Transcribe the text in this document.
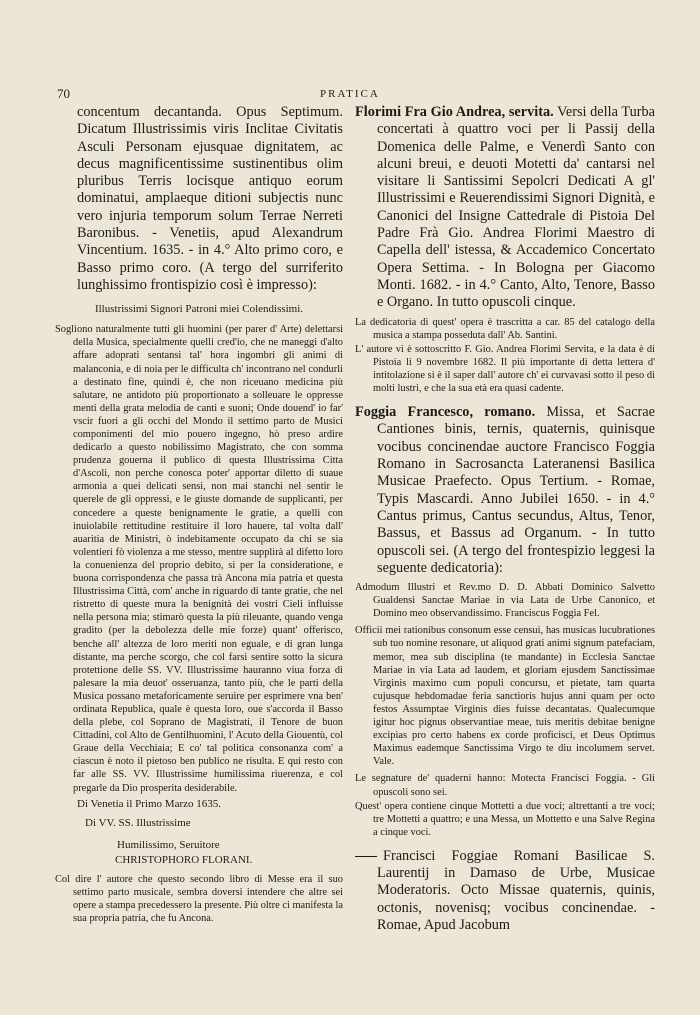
70	PRATICA

concentum decantanda. Opus Septimum. Dicatum Illustrissimis viris Inclitae Civitatis Asculi Personam ejusquae dignitatem, ac decus magnificentissime sustinentibus olim pluribus Terris locisque antiquo eorum dominatui, amplaeque ditioni subjectis nunc vero injuria temporum solum Terrae Nerreti Baronibus. - Venetiis, apud Alexandrum Vincentium. 1635. - in 4.° Alto primo coro, e Basso primo coro. (A tergo del surriferito lunghissimo frontispizio così è impresso):

Illustrissimi Signori Patroni miei Colendissimi.

Sogliono naturalmente tutti gli huomini (per parer d' Arte) delettarsi della Musica, specialmente quelli cred'io, che ne maneggi d'alto affare adoprati sentansi tal' hora ingombri gli animi di malanconia, e di noia per le difficulta ch' incontrano nel condurli a destinato fine, quindi è, che non riceuano medicina più salutare, ne antidoto più proportionato a solleuare le oppresse menti della grata melodia de canti e suoni; Onde douend' io far' vscir fuori a gli occhi del Mondo il settimo parto de Musici componimenti del mio pouero ingegno, hò preso ardire dedicarlo a questo nobilissimo Magistrato, che con somma prudenza gouerna il publico di questa Illustrissima Citta d'Ascoli, non perche conosca poter' apportar diletto di suaue armonia a quei delicati sensi, non mai stanchi nel sentir le querele de gli oppressi, e le giuste domande de supplicanti, per concedere a queste benignamente le gratie, a quelli con inuiolabile rettitudine restituire il loro hauere, tal volta dall' auaritia de Ministri, ò indebitamente occupato da chi se sia volentieri fò violenza a me stesso, mentre supplirà al difetto loro la conuenienza del proprio debito, si per la consideratione, e buona corrispondenza che passa trà Ancona mia patria et questa Illustrissima Città, com' anche in riguardo di tante gratie, che nel ristretto di queste mura la benignità dei vostri Cieli influisse nella persona mia; stimarò questa la più rileuante, quando venga gradito (per la debolezza delle mie forze) quant' offerisco, benche all' altezza de loro meriti non eguale, e di gran lunga distante, ma perche scorgo, che col farsi sentire sotto la sicura protettione delle SS. VV. Illustrissime hauranno viua forza di palesare la mia deuot' osseruanza, tanto più, che le parti della Musica possano metaforicamente seruire per esprimere vna ben' ordinata Republica, quale è questa loro, oue s'accorda il Basso della plebe, col Soprano de Magistrati, il Tenore de buon Cittadini, col Alto de Gentilhuomini, l' Acuto della Giouentù, col Graue della Vecchiaia; E co' tal politica consonanza com' a ciascun è noto il pietoso ben publico ne risulta. E qui resto con far alle SS. VV. Illustrissime humilissima riuerenza, e col pregarle da Dio prosperita desiderabile.

Di Venetia il Primo Marzo 1635.
Di VV. SS. Illustrissime
Humilissimo, Seruitore
CHRISTOPHORO FLORANI.

Col dire l' autore che questo secondo libro di Messe era il suo settimo parto musicale, sembra doversi intendere che altre sei opere a stampa precedessero la presente. Più oltre ci manifesta la sua propria patria, che fu Ancona.

Florimi Fra Gio Andrea, servita. Versi della Turba concertati à quattro voci per li Passij della Domenica delle Palme, e Venerdì Santo con alcuni breui, e deuoti Motetti da' cantarsi nel visitare li Santissimi Sepolcri Dedicati A gl' Illustrissimi e Reuerendissimi Signori Dignità, e Canonici del Insigne Cattedrale di Pistoia Del Padre Frà Gio. Andrea Florimi Maestro di Capella dell' istessa, & Accademico Concertato Opera Settima. - In Bologna per Giacomo Monti. 1682. - in 4.° Canto, Alto, Tenore, Basso e Organo. In tutto opuscoli cinque.

La dedicatoria di quest' opera è trascritta a car. 85 del catalogo della musica a stampa posseduta dall' Ab. Santini.

L' autore vi è sottoscritto F. Gio. Andrea Florimi Servita, e la data è di Pistoia li 9 novembre 1682. Il più importante di detta lettera d' intitolazione si è il saper dall' autore ch' ei curvavasi sotto il peso di molti lustri, e che la sua età era quasi cadente.

Foggia Francesco, romano. Missa, et Sacrae Cantiones binis, ternis, quaternis, quinisque vocibus concinendae auctore Francisco Foggia Romano in Sacrosancta Lateranensi Basilica Musicae Praefecto. Opus Tertium. - Romae, Typis Mascardi. Anno Jubilei 1650. - in 4.° Cantus primus, Cantus secundus, Altus, Tenor, Bassus, et Bassus ad Organum. - In tutto opuscoli sei. (A tergo del frontespizio leggesi la seguente dedicatoria):

Admodum Illustri et Rev.mo D. D. Abbati Dominico Salvetto Gualdensi Sanctae Mariae in via Lata de Urbe Canonico, et Domino meo observandissimo. Franciscus Foggia Fel.

Officii mei rationibus consonum esse censui, has musicas lucubrationes sub tuo nomine resonare, ut aliquod grati animi signum patefaciam, memor, mea sub disciplina (te mandante) in Ecclesia Sanctae Mariae in via Lata ad laudem, et gloriam ejusdem Sanctissimae Virginis maximo cum populi concursu, et pietate, tam quarta cujusque hebdomadae feria sanctioris hujus anni quam per octo festos Assumptae Virginis dies fuisse decantatas. Qualecumque igitur hoc pignus observantiae meae, tuis meritis debitae benigne excipias pro certo habens ex corde proficisci, et Deus Optimus Maximus eademque Sanctissima Virgo te diu incolumem servet. Vale.

Le segnature de' quaderni hanno: Motecta Francisci Foggia. - Gli opuscoli sono sei.

Quest' opera contiene cinque Mottetti a due voci; altrettanti a tre voci; tre Mottetti a quattro; e una Messa, un Mottetto e una Salve Regina a cinque voci.

Francisci Foggiae Romani Basilicae S. Laurentij in Damaso de Urbe, Musicae Moderatoris. Octo Missae quaternis, quinis, octonis, novenisq; vocibus concinendae. - Romae, Apud Jacobum
